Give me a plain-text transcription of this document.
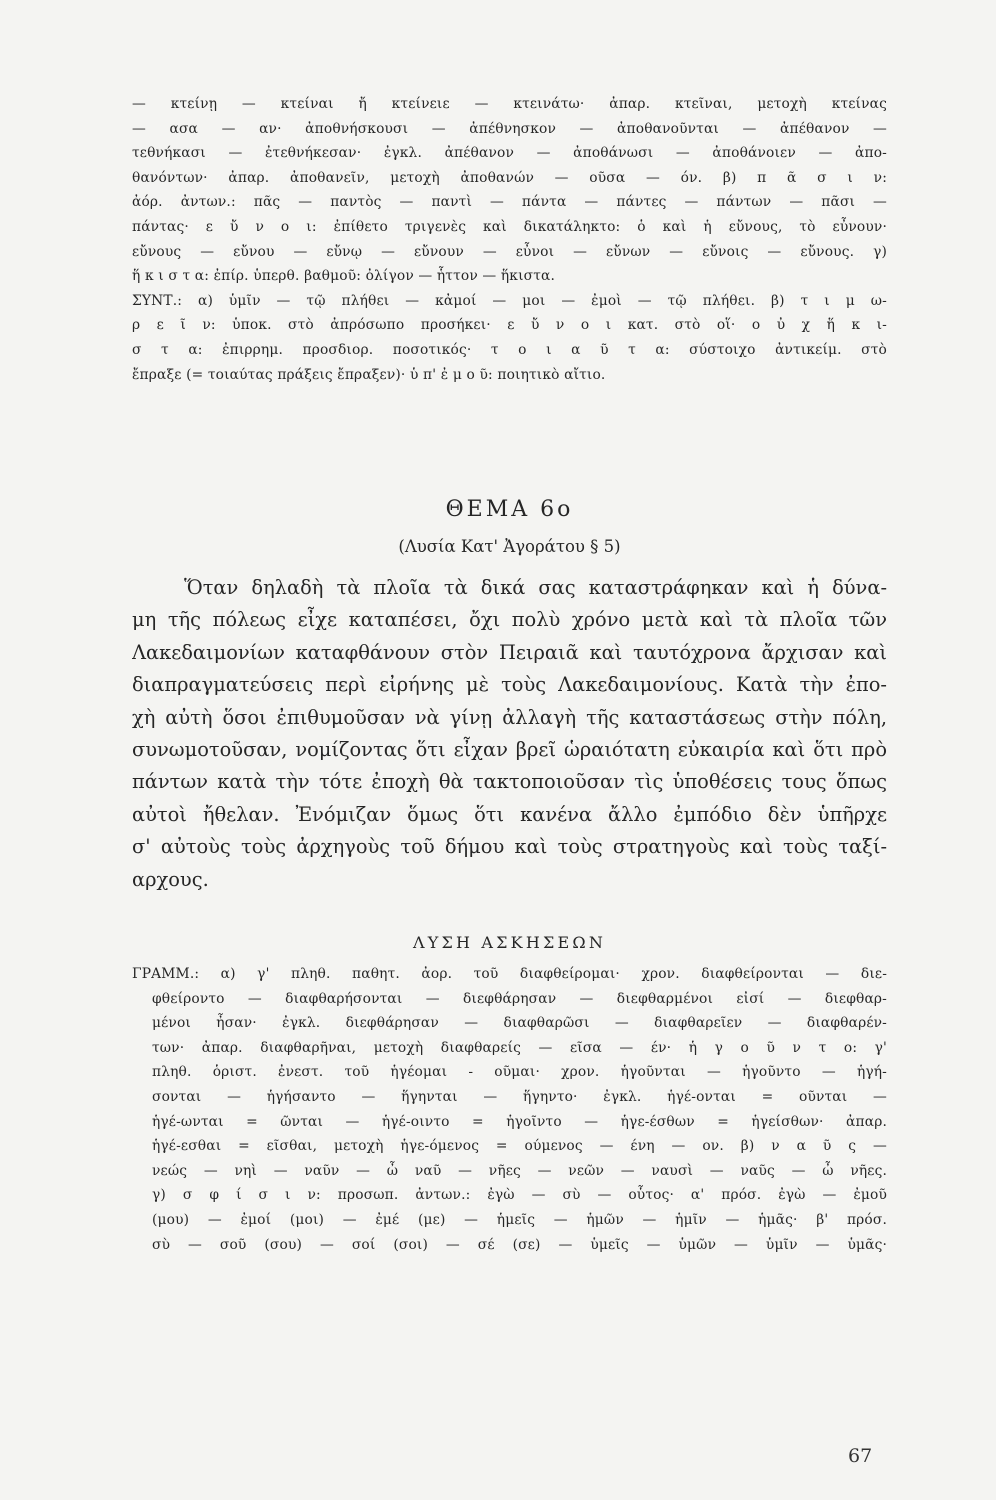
— κτείνῃ — κτείναι ἤ κτείνειε — κτεινάτω· ἀπαρ. κτεῖναι, μετοχὴ κτείνας
— ασα — αν· ἀποθνήσκουσι — ἀπέθνησκον — ἀποθανοῦνται — ἀπέθανον —
τεθνήκασι — ἐτεθνήκεσαν· ἐγκλ. ἀπέθανον — ἀποθάνωσι — ἀποθάνοιεν — ἀπο-
θανόντων· ἀπαρ. ἀποθανεῖν, μετοχὴ ἀποθανών — οῦσα — όν. β) π ᾶ σ ι ν:
ἀόρ. ἀντων.: πᾶς — παντὸς — παντὶ — πάντα — πάντες — πάντων — πᾶσι —
πάντας· ε ὔ ν ο ι: ἐπίθετο τριγενὲς καὶ δικατάληκτο: ὁ καὶ ἡ εὔνους, τὸ εὖνουν·
εὔνους — εὔνου — εὔνῳ — εὔνουν — εὖνοι — εὔνων — εὔνοις — εὔνους. γ)
ἥ κ ι σ τ α: ἐπίρ. ὑπερθ. βαθμοῦ: ὀλίγον — ἧττον — ἥκιστα.
ΣΥΝΤ.: α) ὑμῖν — τῷ πλήθει — κἀμοί — μοι — ἐμοὶ — τῷ πλήθει. β) τ ι μ ω-
ρ ε ῖ ν: ὑποκ. στὸ ἀπρόσωπο προσήκει· ε ὔ ν ο ι κατ. στὸ οἵ· ο ὐ χ ἥ κ ι-
σ τ α: ἐπιρρημ. προσδιορ. ποσοτικός· τ ο ι α ῦ τ α: σύστοιχο ἀντικείμ. στὸ
ἔπραξε (= τοιαύτας πράξεις ἔπραξεν)· ὑ π' ἐ μ ο ῦ: ποιητικὸ αἴτιο.
ΘΕΜΑ 6ο
(Λυσία Κατ' Ἀγοράτου § 5)
Ὅταν δηλαδὴ τὰ πλοῖα τὰ δικά σας καταστράφηκαν καὶ ἡ δύνα-
μη τῆς πόλεως εἶχε καταπέσει, ὄχι πολὺ χρόνο μετὰ καὶ τὰ πλοῖα τῶν
Λακεδαιμονίων καταφθάνουν στὸν Πειραιᾶ καὶ ταυτόχρονα ἄρχισαν καὶ
διαπραγματεύσεις περὶ εἰρήνης μὲ τοὺς Λακεδαιμονίους. Κατὰ τὴν ἐπο-
χὴ αὐτὴ ὅσοι ἐπιθυμοῦσαν νὰ γίνῃ ἀλλαγὴ τῆς καταστάσεως στὴν πόλη,
συνωμοτοῦσαν, νομίζοντας ὅτι εἶχαν βρεῖ ὡραιότατη εὐκαιρία καὶ ὅτι πρὸ
πάντων κατὰ τὴν τότε ἐποχὴ θὰ τακτοποιοῦσαν τὶς ὑποθέσεις τους ὅπως
αὐτοὶ ἤθελαν. Ἐνόμιζαν ὅμως ὅτι κανένα ἄλλο ἐμπόδιο δὲν ὑπῆρχε
σ' αὐτοὺς τοὺς ἀρχηγοὺς τοῦ δήμου καὶ τοὺς στρατηγοὺς καὶ τοὺς ταξί-
αρχους.
ΛΥΣΗ ΑΣΚΗΣΕΩΝ
ΓΡΑΜΜ.: α) γ' πληθ. παθητ. ἀορ. τοῦ διαφθείρομαι· χρον. διαφθείρονται — διε-
φθείροντο — διαφθαρήσονται — διεφθάρησαν — διεφθαρμένοι εἰσί — διεφθαρ-
μένοι ἦσαν· ἐγκλ. διεφθάρησαν — διαφθαρῶσι — διαφθαρεῖεν — διαφθαρέν-
των· ἀπαρ. διαφθαρῆναι, μετοχὴ διαφθαρείς — εῖσα — έν· ἡ γ ο ῦ ν τ ο: γ'
πληθ. ὁριστ. ἐνεστ. τοῦ ἡγέομαι - οῦμαι· χρον. ἡγοῦνται — ἡγοῦντο — ἡγή-
σονται — ἡγήσαντο — ἥγηνται — ἥγηντο· ἐγκλ. ἡγέ-ονται = οῦνται —
ἡγέ-ωνται = ῶνται — ἡγέ-οιντο = ἡγοῖντο — ἡγε-έσθων = ἡγείσθων· ἀπαρ.
ἡγέ-εσθαι = εῖσθαι, μετοχὴ ἡγε-όμενος = ούμενος — ένη — ον. β) ν α ῦ ς —
νεώς — νηὶ — ναῦν — ὦ ναῦ — νῆες — νεῶν — ναυσὶ — ναῦς — ὦ νῆες.
γ) σ φ ί σ ι ν: προσωπ. ἀντων.: ἐγὼ — σὺ — οὗτος· α' πρόσ. ἐγὼ — ἐμοῦ
(μου) — ἐμοί (μοι) — ἐμέ (με) — ἡμεῖς — ἡμῶν — ἡμῖν — ἡμᾶς· β' πρόσ.
σὺ — σοῦ (σου) — σοί (σοι) — σέ (σε) — ὑμεῖς — ὑμῶν — ὑμῖν — ὑμᾶς·
67
